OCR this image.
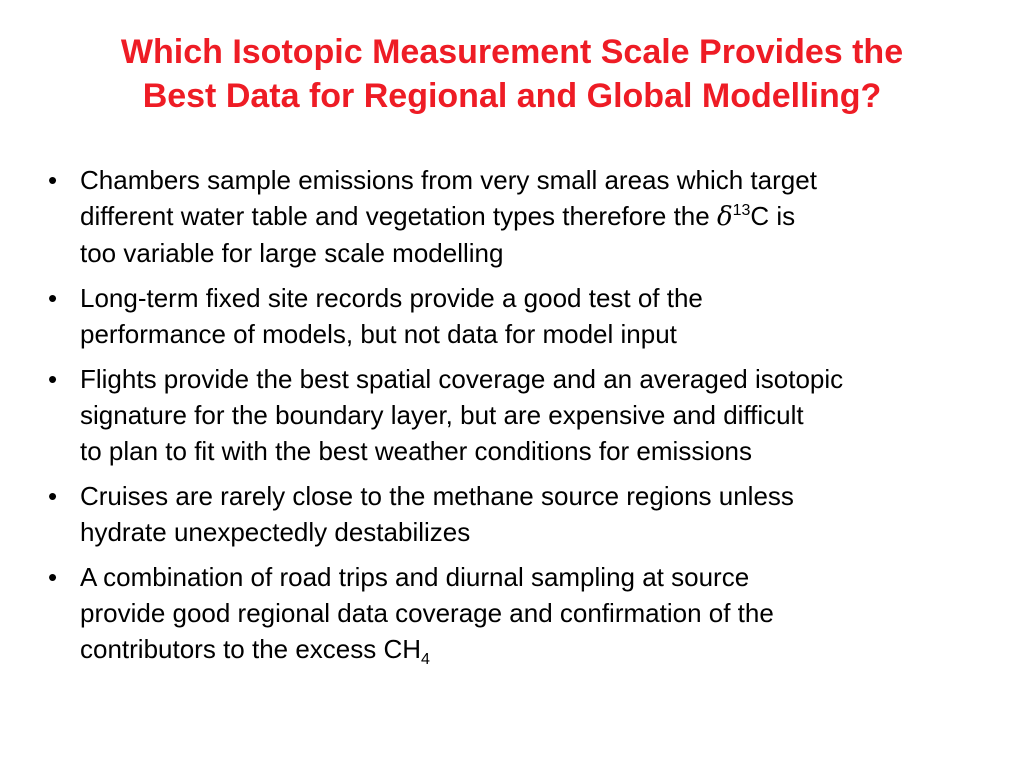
Which Isotopic Measurement Scale Provides the
Best Data for Regional and Global Modelling?
• Chambers sample emissions from very small areas which target
different water table and vegetation types therefore the $\delta^{13}C$ is
too variable for large scale modelling
• Long-term fixed site records provide a good test of the
performance of models, but not data for model input
• Flights provide the best spatial coverage and an averaged isotopic
signature for the boundary layer, but are expensive and difficult
to plan to fit with the best weather conditions for emissions
• Cruises are rarely close to the methane source regions unless
hydrate unexpectedly destabilizes
• A combination of road trips and diurnal sampling at source
provide good regional data coverage and confirmation of the
contributors to the excess $CH_4$
